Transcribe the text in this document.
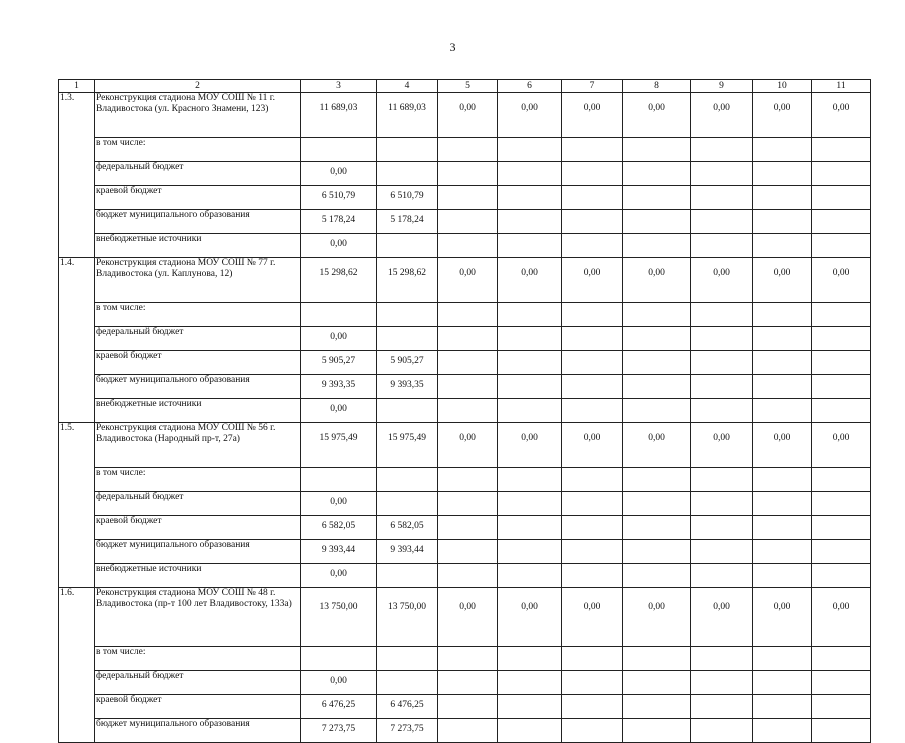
3
1	2	3	4	5	6	7	8	9	10	11
1.3.	Реконструкция стадиона МОУ СОШ № 11 г. Владивостока (ул. Красного Знамени, 123)	11 689,03	11 689,03	0,00	0,00	0,00	0,00	0,00	0,00	0,00
	в том числе:									
	федеральный бюджет	0,00								
	краевой бюджет	6 510,79	6 510,79							
	бюджет муниципального образования	5 178,24	5 178,24							
	внебюджетные источники	0,00								
1.4.	Реконструкция стадиона МОУ СОШ № 77 г. Владивостока (ул. Каплунова, 12)	15 298,62	15 298,62	0,00	0,00	0,00	0,00	0,00	0,00	0,00
	в том числе:									
	федеральный бюджет	0,00								
	краевой бюджет	5 905,27	5 905,27							
	бюджет муниципального образования	9 393,35	9 393,35							
	внебюджетные источники	0,00								
1.5.	Реконструкция стадиона МОУ СОШ № 56 г. Владивостока (Народный пр-т, 27а)	15 975,49	15 975,49	0,00	0,00	0,00	0,00	0,00	0,00	0,00
	в том числе:									
	федеральный бюджет	0,00								
	краевой бюджет	6 582,05	6 582,05							
	бюджет муниципального образования	9 393,44	9 393,44							
	внебюджетные источники	0,00								
1.6.	Реконструкция стадиона МОУ СОШ № 48 г. Владивостока (пр-т 100 лет Владивостоку, 133а)	13 750,00	13 750,00	0,00	0,00	0,00	0,00	0,00	0,00	0,00
	в том числе:									
	федеральный бюджет	0,00								
	краевой бюджет	6 476,25	6 476,25							
	бюджет муниципального образования	7 273,75	7 273,75							
